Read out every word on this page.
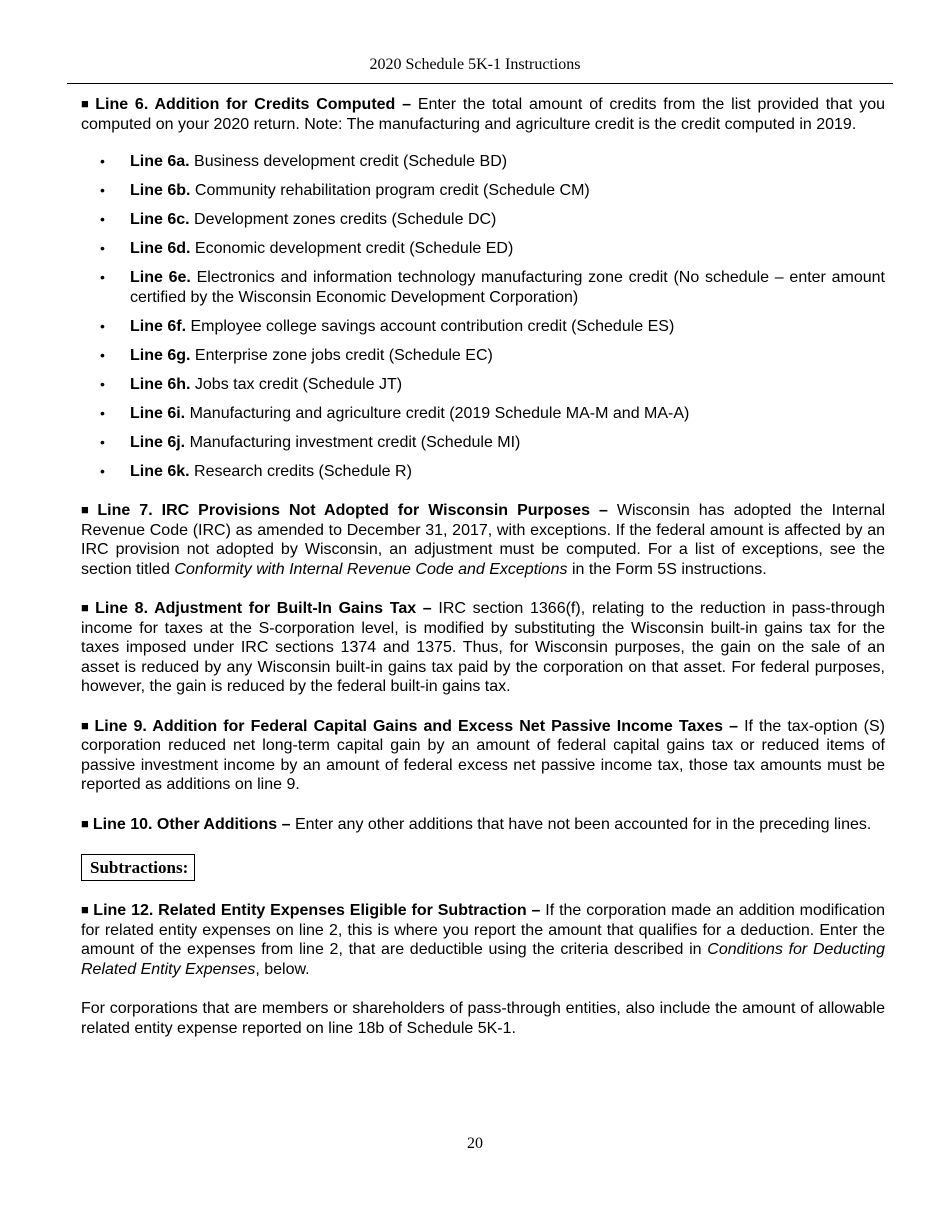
2020 Schedule 5K-1 Instructions

■ Line 6. Addition for Credits Computed – Enter the total amount of credits from the list provided that you computed on your 2020 return. Note: The manufacturing and agriculture credit is the credit computed in 2019.

• Line 6a. Business development credit (Schedule BD)
• Line 6b. Community rehabilitation program credit (Schedule CM)
• Line 6c. Development zones credits (Schedule DC)
• Line 6d. Economic development credit (Schedule ED)
• Line 6e. Electronics and information technology manufacturing zone credit (No schedule – enter amount certified by the Wisconsin Economic Development Corporation)
• Line 6f. Employee college savings account contribution credit (Schedule ES)
• Line 6g. Enterprise zone jobs credit (Schedule EC)
• Line 6h. Jobs tax credit (Schedule JT)
• Line 6i. Manufacturing and agriculture credit (2019 Schedule MA-M and MA-A)
• Line 6j. Manufacturing investment credit (Schedule MI)
• Line 6k. Research credits (Schedule R)

■ Line 7. IRC Provisions Not Adopted for Wisconsin Purposes – Wisconsin has adopted the Internal Revenue Code (IRC) as amended to December 31, 2017, with exceptions. If the federal amount is affected by an IRC provision not adopted by Wisconsin, an adjustment must be computed. For a list of exceptions, see the section titled Conformity with Internal Revenue Code and Exceptions in the Form 5S instructions.

■ Line 8. Adjustment for Built-In Gains Tax – IRC section 1366(f), relating to the reduction in pass-through income for taxes at the S-corporation level, is modified by substituting the Wisconsin built-in gains tax for the taxes imposed under IRC sections 1374 and 1375. Thus, for Wisconsin purposes, the gain on the sale of an asset is reduced by any Wisconsin built-in gains tax paid by the corporation on that asset. For federal purposes, however, the gain is reduced by the federal built-in gains tax.

■ Line 9. Addition for Federal Capital Gains and Excess Net Passive Income Taxes – If the tax-option (S) corporation reduced net long-term capital gain by an amount of federal capital gains tax or reduced items of passive investment income by an amount of federal excess net passive income tax, those tax amounts must be reported as additions on line 9.

■ Line 10. Other Additions – Enter any other additions that have not been accounted for in the preceding lines.

Subtractions:

■ Line 12. Related Entity Expenses Eligible for Subtraction – If the corporation made an addition modification for related entity expenses on line 2, this is where you report the amount that qualifies for a deduction. Enter the amount of the expenses from line 2, that are deductible using the criteria described in Conditions for Deducting Related Entity Expenses, below.

For corporations that are members or shareholders of pass-through entities, also include the amount of allowable related entity expense reported on line 18b of Schedule 5K-1.

20
